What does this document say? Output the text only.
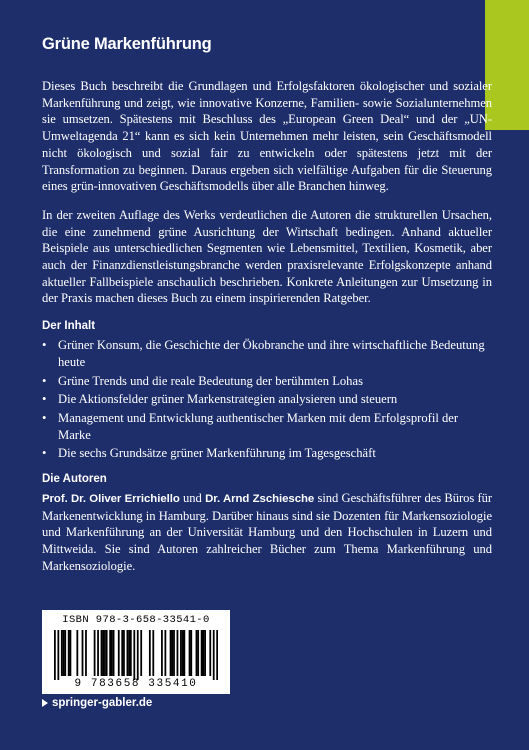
Grüne Markenführung

Dieses Buch beschreibt die Grundlagen und Erfolgsfaktoren ökologischer und sozialer Markenführung und zeigt, wie innovative Konzerne, Familien- sowie Sozialunternehmen sie umsetzen. Spätestens mit Beschluss des „European Green Deal“ und der „UN-Umweltagenda 21“ kann es sich kein Unternehmen mehr leisten, sein Geschäftsmodell nicht ökologisch und sozial fair zu entwickeln oder spätestens jetzt mit der Transformation zu beginnen. Daraus ergeben sich vielfältige Aufgaben für die Steuerung eines grün-innovativen Geschäftsmodells über alle Branchen hinweg.

In der zweiten Auflage des Werks verdeutlichen die Autoren die strukturellen Ursachen, die eine zunehmend grüne Ausrichtung der Wirtschaft bedingen. Anhand aktueller Beispiele aus unterschiedlichen Segmenten wie Lebensmittel, Textilien, Kosmetik, aber auch der Finanzdienstleistungsbranche werden praxisrelevante Erfolgskonzepte anhand aktueller Fallbeispiele anschaulich beschrieben. Konkrete Anleitungen zur Umsetzung in der Praxis machen dieses Buch zu einem inspirierenden Ratgeber.

Der Inhalt
• Grüner Konsum, die Geschichte der Ökobranche und ihre wirtschaftliche Bedeutung heute
• Grüne Trends und die reale Bedeutung der berühmten Lohas
• Die Aktionsfelder grüner Markenstrategien analysieren und steuern
• Management und Entwicklung authentischer Marken mit dem Erfolgsprofil der Marke
• Die sechs Grundsätze grüner Markenführung im Tagesgeschäft
Die Autoren

Prof. Dr. Oliver Errichiello und Dr. Arnd Zschiesche sind Geschäftsführer des Büros für Markenentwicklung in Hamburg. Darüber hinaus sind sie Dozenten für Markensoziologie und Markenführung an der Universität Hamburg und den Hochschulen in Luzern und Mittweida. Sie sind Autoren zahlreicher Bücher zum Thema Markenführung und Markensoziologie.

ISBN 978-3-658-33541-0
9 783658 335410
springer-gabler.de
